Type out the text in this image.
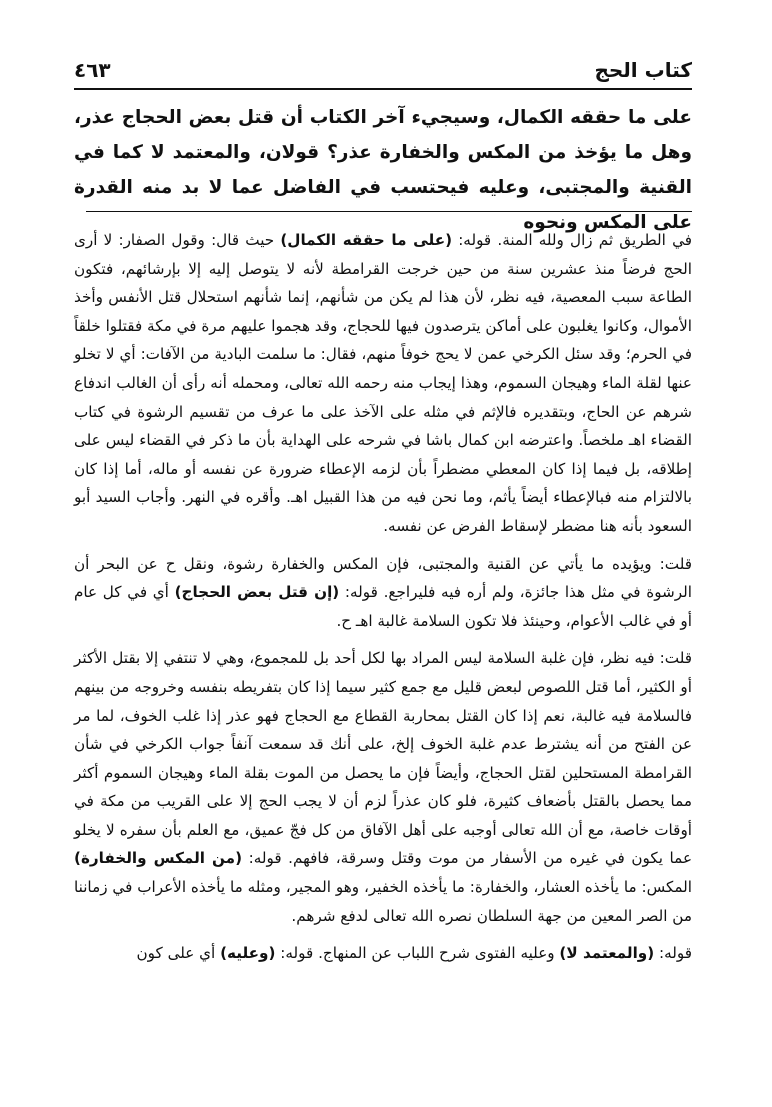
٤٦٣	كتاب الحج

على ما حققه الكمال، وسيجيء آخر الكتاب أن قتل بعض الحجاج عذر، وهل ما يؤخذ من المكس والخفارة عذر؟ قولان، والمعتمد لا كما في القنية والمجتبى، وعليه فيحتسب في الفاضل عما لا بد منه القدرة على المكس ونحوه

في الطريق ثم زال ولله المنة. قوله: (على ما حققه الكمال) حيث قال: وقول الصفار: لا أرى الحج فرضاً منذ عشرين سنة من حين خرجت القرامطة لأنه لا يتوصل إليه إلا بإرشائهم، فتكون الطاعة سبب المعصية، فيه نظر، لأن هذا لم يكن من شأنهم، إنما شأنهم استحلال قتل الأنفس وأخذ الأموال، وكانوا يغلبون على أماكن يترصدون فيها للحجاج، وقد هجموا عليهم مرة في مكة فقتلوا خلقاً في الحرم؛ وقد سئل الكرخي عمن لا يحج خوفاً منهم، فقال: ما سلمت البادية من الآفات: أي لا تخلو عنها لقلة الماء وهيجان السموم، وهذا إيجاب منه رحمه الله تعالى، ومحمله أنه رأى أن الغالب اندفاع شرهم عن الحاج، وبتقديره فالإثم في مثله على الآخذ على ما عرف من تقسيم الرشوة في كتاب القضاء اهـ ملخصاً. واعترضه ابن كمال باشا في شرحه على الهداية بأن ما ذكر في القضاء ليس على إطلاقه، بل فيما إذا كان المعطي مضطراً بأن لزمه الإعطاء ضرورة عن نفسه أو ماله، أما إذا كان بالالتزام منه فبالإعطاء أيضاً يأثم، وما نحن فيه من هذا القبيل اهـ. وأقره في النهر. وأجاب السيد أبو السعود بأنه هنا مضطر لإسقاط الفرض عن نفسه.

قلت: ويؤيده ما يأتي عن القنية والمجتبى، فإن المكس والخفارة رشوة، ونقل ح عن البحر أن الرشوة في مثل هذا جائزة، ولم أره فيه فليراجع. قوله: (إن قتل بعض الحجاج) أي في كل عام أو في غالب الأعوام، وحينئذ فلا تكون السلامة غالبة اهـ ح.

قلت: فيه نظر، فإن غلبة السلامة ليس المراد بها لكل أحد بل للمجموع، وهي لا تنتفي إلا بقتل الأكثر أو الكثير، أما قتل اللصوص لبعض قليل مع جمع كثير سيما إذا كان بتفريطه بنفسه وخروجه من بينهم فالسلامة فيه غالبة، نعم إذا كان القتل بمحاربة القطاع مع الحجاج فهو عذر إذا غلب الخوف، لما مر عن الفتح من أنه يشترط عدم غلبة الخوف إلخ، على أنك قد سمعت آنفاً جواب الكرخي في شأن القرامطة المستحلين لقتل الحجاج، وأيضاً فإن ما يحصل من الموت بقلة الماء وهيجان السموم أكثر مما يحصل بالقتل بأضعاف كثيرة، فلو كان عذراً لزم أن لا يجب الحج إلا على القريب من مكة في أوقات خاصة، مع أن الله تعالى أوجبه على أهل الآفاق من كل فجّ عميق، مع العلم بأن سفره لا يخلو عما يكون في غيره من الأسفار من موت وقتل وسرقة، فافهم. قوله: (من المكس والخفارة) المكس: ما يأخذه العشار، والخفارة: ما يأخذه الخفير، وهو المجير، ومثله ما يأخذه الأعراب في زماننا من الصر المعين من جهة السلطان نصره الله تعالى لدفع شرهم.

قوله: (والمعتمد لا) وعليه الفتوى شرح اللباب عن المنهاج. قوله: (وعليه) أي على كون
